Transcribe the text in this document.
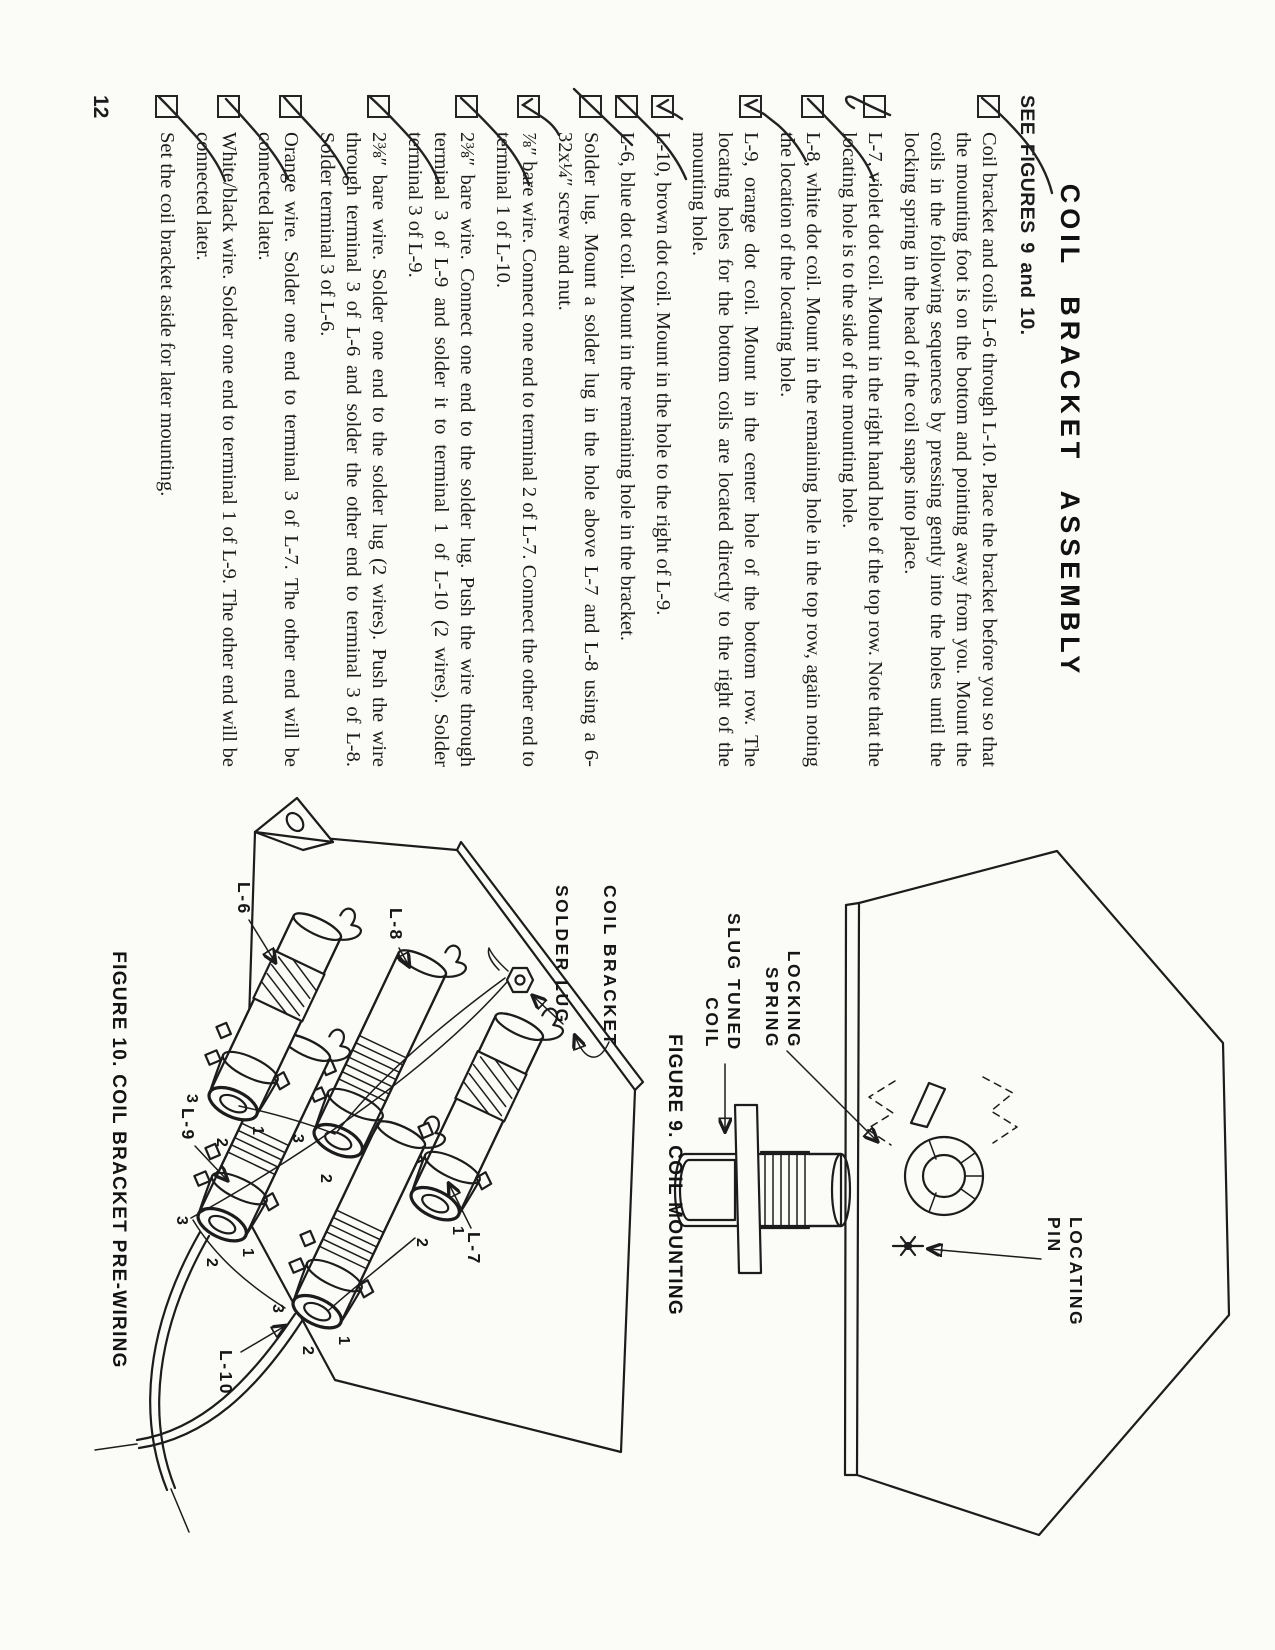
COIL BRACKET ASSEMBLY
SEE FIGURES 9 and 10.
Coil bracket and coils L-6 through L-10. Place the bracket before you so that the mounting foot is on the bottom and pointing away from you. Mount the coils in the following sequences by pressing gently into the holes until the locking spring in the head of the coil snaps into place.
L-7, violet dot coil. Mount in the right hand hole of the top row. Note that the locating hole is to the side of the mounting hole.
L-8, white dot coil. Mount in the remaining hole in the top row, again noting the location of the locating hole.
L-9, orange dot coil. Mount in the center hole of the bottom row. The locating holes for the bottom coils are located directly to the right of the mounting hole.
L-10, brown dot coil. Mount in the hole to the right of L-9.
L-6, blue dot coil. Mount in the remaining hole in the bracket.
Solder lug. Mount a solder lug in the hole above L-7 and L-8 using a 6-32x¼″ screw and nut.
⅞″ bare wire. Connect one end to terminal 2 of L-7. Connect the other end to terminal 1 of L-10.
2⅜″ bare wire. Connect one end to the solder lug. Push the wire through terminal 3 of L-9 and solder it to terminal 1 of L-10 (2 wires). Solder terminal 3 of L-9.
2⅜″ bare wire. Solder one end to the solder lug (2 wires). Push the wire through terminal 3 of L-6 and solder the other end to terminal 3 of L-8. Solder terminal 3 of L-6.
Orange wire. Solder one end to terminal 3 of L-7. The other end will be connected later.
White/black wire. Solder one end to terminal 1 of L-9. The other end will be connected later.
Set the coil bracket aside for later mounting.
LOCKING
SPRING
SLUG TUNED
COIL
LOCATING
PIN
FIGURE 9. COIL MOUNTING
1
2
2
3
1
2
3
1
2
3
1
2
3
COIL BRACKET
SOLDER LUG
L-6
L-8
L-7
L-9
L-10
FIGURE 10. COIL BRACKET PRE-WIRING
12
